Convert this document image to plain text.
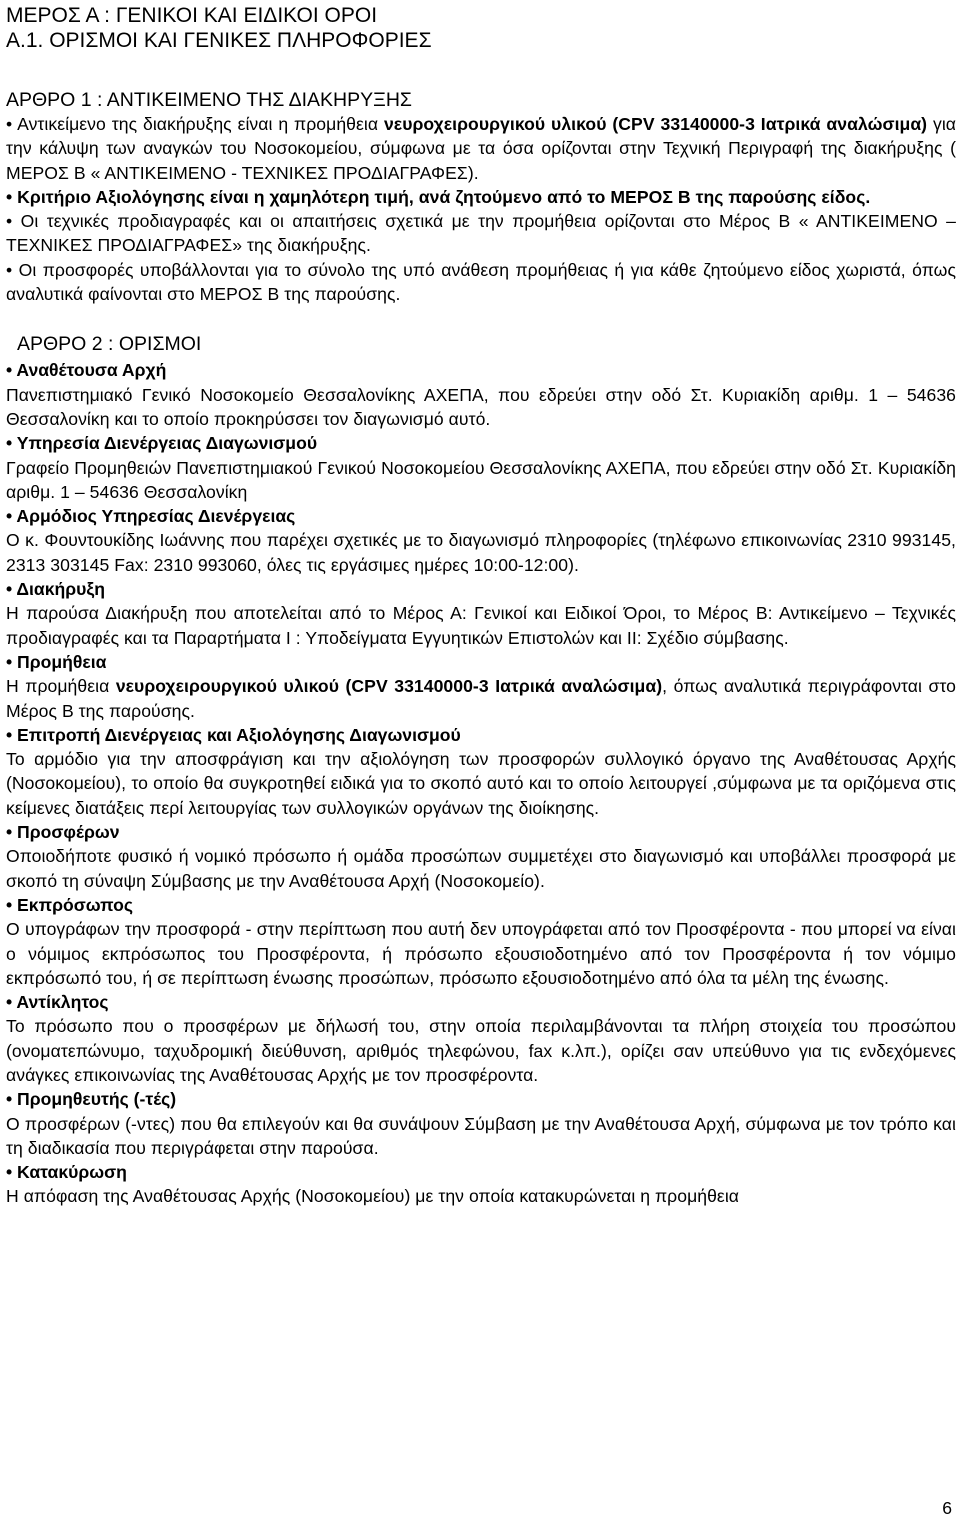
ΜΕΡΟΣ Α : ΓΕΝΙΚΟΙ ΚΑΙ ΕΙΔΙΚΟΙ ΟΡΟΙ
Α.1. ΟΡΙΣΜΟΙ ΚΑΙ ΓΕΝΙΚΕΣ ΠΛΗΡΟΦΟΡΙΕΣ
ΑΡΘΡΟ 1 : ΑΝΤΙΚΕΙΜΕΝΟ ΤΗΣ ΔΙΑΚΗΡΥΞΗΣ

• Αντικείμενο της διακήρυξης είναι η προμήθεια νευροχειρουργικού υλικού (CPV 33140000-3 Ιατρικά αναλώσιμα) για την κάλυψη των αναγκών του Νοσοκομείου, σύμφωνα με τα όσα ορίζονται στην Τεχνική Περιγραφή της διακήρυξης ( ΜΕΡΟΣ Β « ΑΝΤΙΚΕΙΜΕΝΟ - ΤΕΧΝΙΚΕΣ ΠΡΟΔΙΑΓΡΑΦΕΣ).

• Κριτήριο Αξιολόγησης είναι η χαμηλότερη τιμή, ανά ζητούμενο από το ΜΕΡΟΣ Β της παρούσης είδος.

• Οι τεχνικές προδιαγραφές και οι απαιτήσεις σχετικά με την προμήθεια ορίζονται στο Μέρος Β « ΑΝΤΙΚΕΙΜΕΝΟ – ΤΕΧΝΙΚΕΣ ΠΡΟΔΙΑΓΡΑΦΕΣ» της διακήρυξης.

• Οι προσφορές υποβάλλονται για το σύνολο της υπό ανάθεση προμήθειας ή για κάθε ζητούμενο είδος χωριστά, όπως αναλυτικά φαίνονται στο ΜΕΡΟΣ Β της παρούσης.

ΑΡΘΡΟ 2 : ΟΡΙΣΜΟΙ

• Αναθέτουσα Αρχή

Πανεπιστημιακό Γενικό Νοσοκομείο Θεσσαλονίκης ΑΧΕΠΑ, που εδρεύει στην οδό Στ. Κυριακίδη αριθμ. 1 – 54636 Θεσσαλονίκη και το οποίο προκηρύσσει τον διαγωνισμό αυτό.

• Υπηρεσία Διενέργειας Διαγωνισμού

Γραφείο Προμηθειών Πανεπιστημιακού Γενικού Νοσοκομείου Θεσσαλονίκης ΑΧΕΠΑ, που εδρεύει στην οδό Στ. Κυριακίδη αριθμ. 1 – 54636 Θεσσαλονίκη

• Αρμόδιος Υπηρεσίας Διενέργειας

Ο κ. Φουντουκίδης Ιωάννης που παρέχει σχετικές με το διαγωνισμό πληροφορίες (τηλέφωνο επικοινωνίας 2310 993145, 2313 303145 Fax: 2310 993060, όλες τις εργάσιμες ημέρες 10:00-12:00).

• Διακήρυξη

Η παρούσα Διακήρυξη που αποτελείται από το Μέρος Α: Γενικοί και Ειδικοί Όροι, το Μέρος Β: Αντικείμενο – Τεχνικές προδιαγραφές και τα Παραρτήματα Ι : Υποδείγματα Εγγυητικών Επιστολών και ΙΙ: Σχέδιο σύμβασης.

• Προμήθεια

Η προμήθεια νευροχειρουργικού υλικού (CPV 33140000-3 Ιατρικά αναλώσιμα), όπως αναλυτικά περιγράφονται στο Μέρος Β της παρούσης.

• Επιτροπή Διενέργειας και Αξιολόγησης Διαγωνισμού

Το αρμόδιο για την αποσφράγιση και την αξιολόγηση των προσφορών συλλογικό όργανο της Αναθέτουσας Αρχής (Νοσοκομείου), το οποίο θα συγκροτηθεί ειδικά για το σκοπό αυτό και το οποίο λειτουργεί ,σύμφωνα με τα οριζόμενα στις κείμενες διατάξεις περί λειτουργίας των συλλογικών οργάνων της διοίκησης.

• Προσφέρων

Οποιοδήποτε φυσικό ή νομικό πρόσωπο ή ομάδα προσώπων συμμετέχει στο διαγωνισμό και υποβάλλει προσφορά με σκοπό τη σύναψη Σύμβασης με την Αναθέτουσα Αρχή (Νοσοκομείο).

• Εκπρόσωπος

Ο υπογράφων την προσφορά - στην περίπτωση που αυτή δεν υπογράφεται από τον Προσφέροντα - που μπορεί να είναι ο νόμιμος εκπρόσωπος του Προσφέροντα, ή πρόσωπο εξουσιοδοτημένο από τον Προσφέροντα ή τον νόμιμο εκπρόσωπό του, ή σε περίπτωση ένωσης προσώπων, πρόσωπο εξουσιοδοτημένο από όλα τα μέλη της ένωσης.

• Αντίκλητος

Το πρόσωπο που ο προσφέρων με δήλωσή του, στην οποία περιλαμβάνονται τα πλήρη στοιχεία του προσώπου (ονοματεπώνυμο, ταχυδρομική διεύθυνση, αριθμός τηλεφώνου, fax κ.λπ.), ορίζει σαν υπεύθυνο για τις ενδεχόμενες ανάγκες επικοινωνίας της Αναθέτουσας Αρχής με τον προσφέροντα.

• Προμηθευτής (-τές)

Ο προσφέρων (-ντες) που θα επιλεγούν και θα συνάψουν Σύμβαση με την Αναθέτουσα Αρχή, σύμφωνα με τον τρόπο και τη διαδικασία που περιγράφεται στην παρούσα.

• Κατακύρωση

Η απόφαση της Αναθέτουσας Αρχής (Νοσοκομείου) με την οποία κατακυρώνεται η προμήθεια

6
